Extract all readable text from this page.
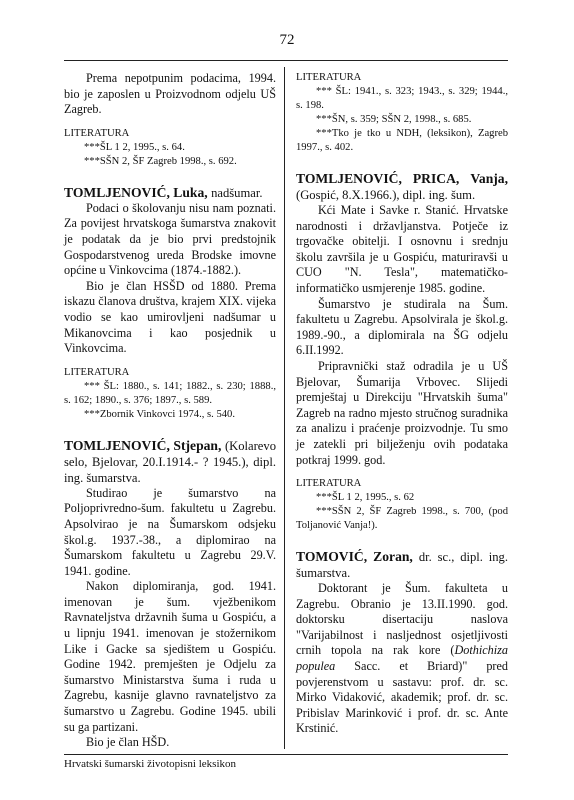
72

Prema nepotpunim podacima, 1994. bio je zaposlen u Proizvodnom odjelu UŠ Zagreb.

LITERATURA
***ŠL 1 2, 1995., s. 64.
***SŠN 2, ŠF Zagreb 1998., s. 692.
TOMLJENOVIĆ, Luka, nadšumar.

Podaci o školovanju nisu nam poznati. Za povijest hrvatskoga šumarstva znakovit je podatak da je bio prvi predstojnik Gospodarstvenog ureda Brodske imovne općine u Vinkovcima (1874.-1882.).

Bio je član HSŠD od 1880. Prema iskazu članova društva, krajem XIX. vijeka vodio se kao umirovljeni nadšumar u Mikanovcima i kao posjednik u Vinkovcima.

LITERATURA
*** ŠL: 1880., s. 141; 1882., s. 230; 1888., s. 162; 1890., s. 376; 1897., s. 589.
***Zbornik Vinkovci 1974., s. 540.
TOMLJENOVIĆ, Stjepan, (Kolarevo selo, Bjelovar, 20.I.1914.- ? 1945.), dipl. ing. šumarstva.

Studirao je šumarstvo na Poljoprivredno-šum. fakultetu u Zagrebu. Apsolvirao je na Šumarskom odsjeku škol.g. 1937.-38., a diplomirao na Šumarskom fakultetu u Zagrebu 29.V. 1941. godine.

Nakon diplomiranja, god. 1941. imenovan je šum. vježbenikom Ravnateljstva državnih šuma u Gospiću, a u lipnju 1941. imenovan je stožernikom Like i Gacke sa sjedištem u Gospiću. Godine 1942. premješten je Odjelu za šumarstvo Ministarstva šuma i ruda u Zagrebu, kasnije glavno ravnateljstvo za šumarstvo u Zagrebu. Godine 1945. ubili su ga partizani.

Bio je član HŠD.

LITERATURA
*** ŠL: 1941., s. 323; 1943., s. 329; 1944., s. 198.
***ŠN, s. 359; SŠN 2, 1998., s. 685.
***Tko je tko u NDH, (leksikon), Zagreb 1997., s. 402.
TOMLJENOVIĆ, PRICA, Vanja, (Gospić, 8.X.1966.), dipl. ing. šum.

Kći Mate i Savke r. Stanić. Hrvatske narodnosti i državljanstva. Potječe iz trgovačke obitelji. I osnovnu i srednju školu završila je u Gospiću, maturiravši u CUO "N. Tesla", matematičko-informatičko usmjerenje 1985. godine.

Šumarstvo je studirala na Šum. fakultetu u Zagrebu. Apsolvirala je škol.g. 1989.-90., a diplomirala na ŠG odjelu 6.II.1992.

Pripravnički staž odradila je u UŠ Bjelovar, Šumarija Vrbovec. Slijedi premještaj u Direkciju "Hrvatskih šuma" Zagreb na radno mjesto stručnog suradnika za analizu i praćenje proizvodnje. Tu smo je zatekli pri bilježenju ovih podataka potkraj 1999. god.

LITERATURA
***ŠL 1 2, 1995., s. 62
***SŠN 2, ŠF Zagreb 1998., s. 700, (pod Toljanović Vanja!).
TOMOVIĆ, Zoran, dr. sc., dipl. ing. šumarstva.

Doktorant je Šum. fakulteta u Zagrebu. Obranio je 13.II.1990. god. doktorsku disertaciju naslova "Varijabilnost i nasljednost osjetljivosti crnih topola na rak kore (Dothichiza populea Sacc. et Briard)" pred povjerenstvom u sastavu: prof. dr. sc. Mirko Vidaković, akademik; prof. dr. sc. Pribislav Marinković i prof. dr. sc. Ante Krstinić.

Hrvatski šumarski životopisni leksikon
